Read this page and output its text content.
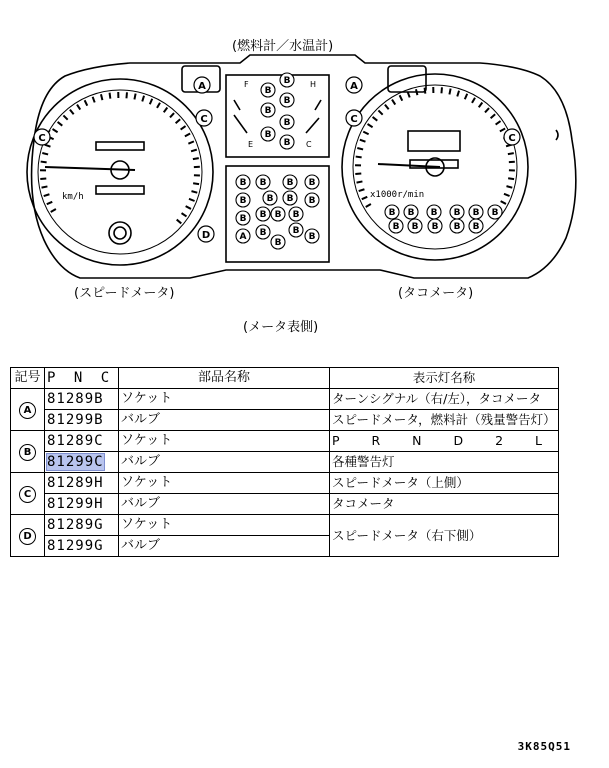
B
B
B
B
B
B
B
B B B B
B B B B
B B B B
A B
B
B
B
B B B B B B
B B B B B
A	A
C	C
C	C
D
(燃料計／水温計)
(スピードメータ)	(タコメータ)
(メータ表側)
F
E
H
C
km/h	x1000r/min
記号	P N C	部品名称	表示灯名称
A	81289B	ソケット	ターンシグナル（右/左），タコメータ
	81299B	バルブ	スピードメータ，燃料計（残量警告灯）
B	81289C	ソケット	P R N D 2 L
	81299C	バルブ	各種警告灯
C	81289H	ソケット	スピードメータ（上側）
	81299H	バルブ	タコメータ
D	81289G	ソケット	スピードメータ（右下側）
	81299G	バルブ	
3K85Q51
